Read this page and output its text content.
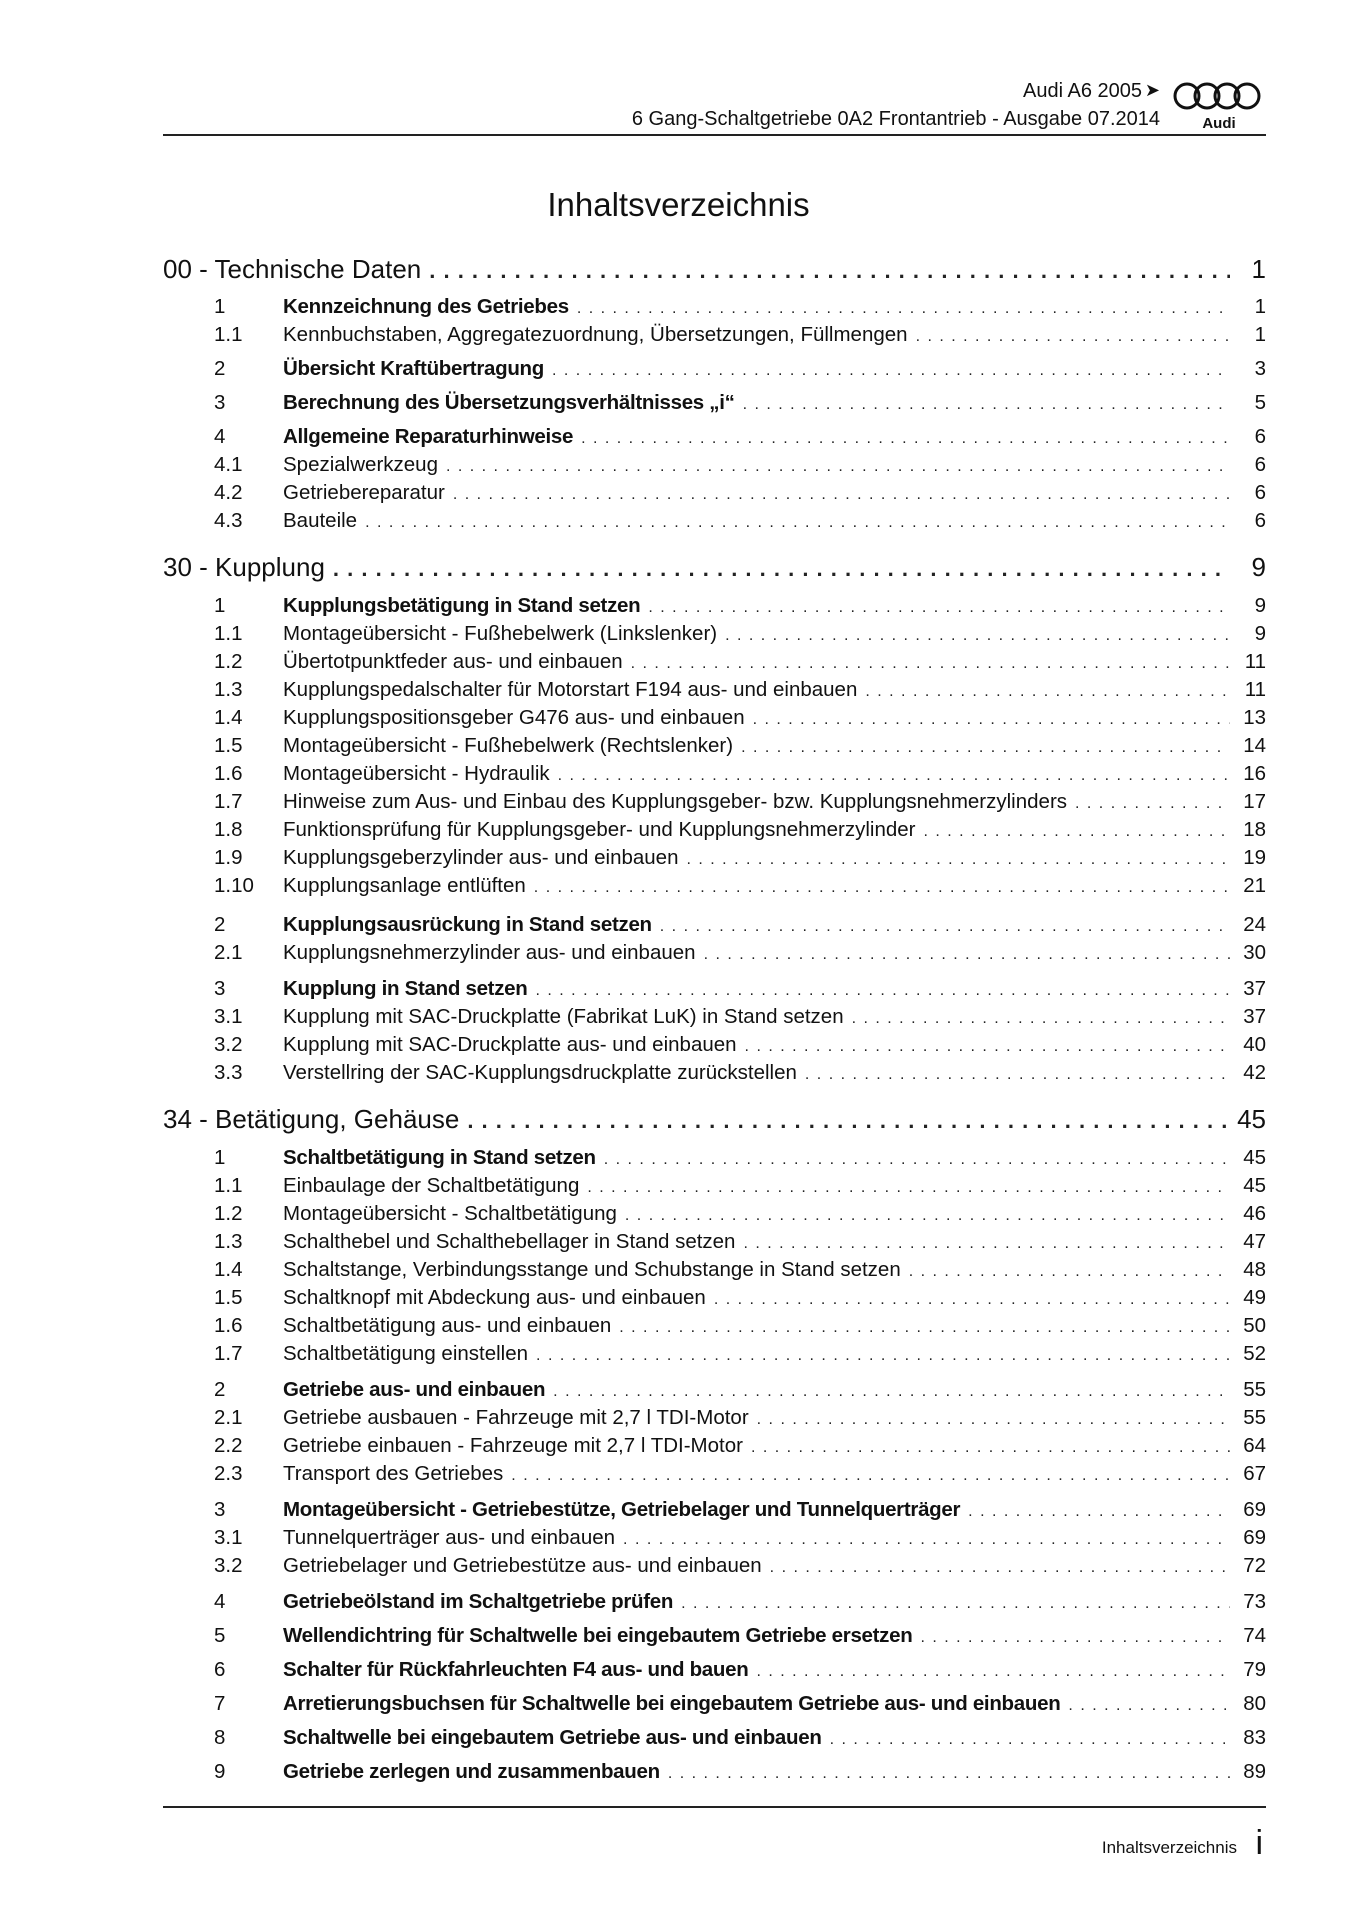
Audi A6 2005 ➤
6 Gang-Schaltgetriebe 0A2 Frontantrieb - Ausgabe 07.2014	Audi
Inhaltsverzeichnis
00 - Technische Daten . . .	1
1	Kennzeichnung des Getriebes . . .	1
1.1	Kennbuchstaben, Aggregatezuordnung, Übersetzungen, Füllmengen . . .	1
2	Übersicht Kraftübertragung . . .	3
3	Berechnung des Übersetzungsverhältnisses „i“ . . .	5
4	Allgemeine Reparaturhinweise . . .	6
4.1	Spezialwerkzeug . . .	6
4.2	Getriebereparatur . . .	6
4.3	Bauteile . . .	6
30 - Kupplung . . .	9
1	Kupplungsbetätigung in Stand setzen . . .	9
1.1	Montageübersicht - Fußhebelwerk (Linkslenker) . . .	9
1.2	Übertotpunktfeder aus- und einbauen . . .	11
1.3	Kupplungspedalschalter für Motorstart F194 aus- und einbauen . . .	11
1.4	Kupplungspositionsgeber G476 aus- und einbauen . . .	13
1.5	Montageübersicht - Fußhebelwerk (Rechtslenker) . . .	14
1.6	Montageübersicht - Hydraulik . . .	16
1.7	Hinweise zum Aus- und Einbau des Kupplungsgeber- bzw. Kupplungsnehmerzylinders . . .	17
1.8	Funktionsprüfung für Kupplungsgeber- und Kupplungsnehmerzylinder . . .	18
1.9	Kupplungsgeberzylinder aus- und einbauen . . .	19
1.10	Kupplungsanlage entlüften . . .	21
2	Kupplungsausrückung in Stand setzen . . .	24
2.1	Kupplungsnehmerzylinder aus- und einbauen . . .	30
3	Kupplung in Stand setzen . . .	37
3.1	Kupplung mit SAC-Druckplatte (Fabrikat LuK) in Stand setzen . . .	37
3.2	Kupplung mit SAC-Druckplatte aus- und einbauen . . .	40
3.3	Verstellring der SAC-Kupplungsdruckplatte zurückstellen . . .	42
34 - Betätigung, Gehäuse . . .	45
1	Schaltbetätigung in Stand setzen . . .	45
1.1	Einbaulage der Schaltbetätigung . . .	45
1.2	Montageübersicht - Schaltbetätigung . . .	46
1.3	Schalthebel und Schalthebellager in Stand setzen . . .	47
1.4	Schaltstange, Verbindungsstange und Schubstange in Stand setzen . . .	48
1.5	Schaltknopf mit Abdeckung aus- und einbauen . . .	49
1.6	Schaltbetätigung aus- und einbauen . . .	50
1.7	Schaltbetätigung einstellen . . .	52
2	Getriebe aus- und einbauen . . .	55
2.1	Getriebe ausbauen - Fahrzeuge mit 2,7 l TDI-Motor . . .	55
2.2	Getriebe einbauen - Fahrzeuge mit 2,7 l TDI-Motor . . .	64
2.3	Transport des Getriebes . . .	67
3	Montageübersicht - Getriebestütze, Getriebelager und Tunnelquerträger . . .	69
3.1	Tunnelquerträger aus- und einbauen . . .	69
3.2	Getriebelager und Getriebestütze aus- und einbauen . . .	72
4	Getriebeölstand im Schaltgetriebe prüfen . . .	73
5	Wellendichtring für Schaltwelle bei eingebautem Getriebe ersetzen . . .	74
6	Schalter für Rückfahrleuchten F4 aus- und bauen . . .	79
7	Arretierungsbuchsen für Schaltwelle bei eingebautem Getriebe aus- und einbauen . . .	80
8	Schaltwelle bei eingebautem Getriebe aus- und einbauen . . .	83
9	Getriebe zerlegen und zusammenbauen . . .	89
Inhaltsverzeichnis i
